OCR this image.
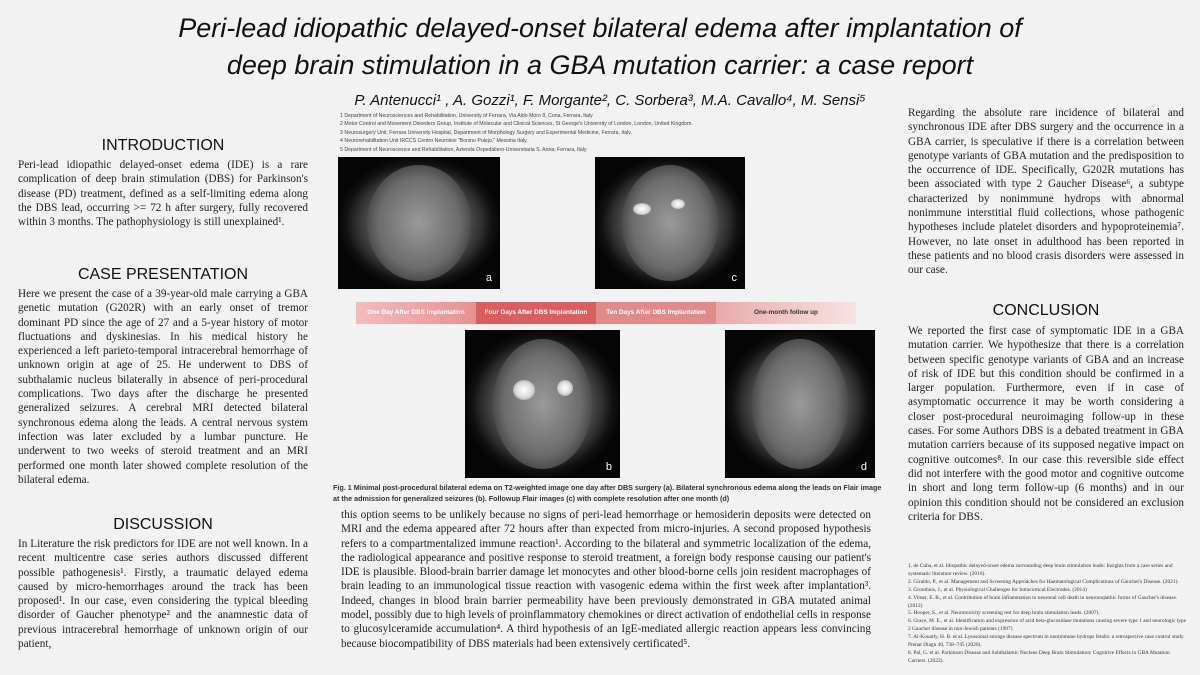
Peri-lead idiopathic delayed-onset bilateral edema after implantation of
deep brain stimulation in a GBA mutation carrier: a case report
P. Antenucci¹ , A. Gozzi¹, F. Morgante², C. Sorbera³, M.A. Cavallo⁴, M. Sensi⁵
1 Department of Neurosciences and Rehabilitation, University of Ferrara, Via Aldo Moro 8, Cona, Ferrara, Italy
2 Motor Control and Movement Disorders Group, Institute of Molecular and Clinical Sciences, St George's University of London, London, United Kingdom.
3 Neurosurgery Unit, Ferrara University Hospital, Department of Morphology Surgery and Experimental Medicine, Ferrara, Italy.
4 Neurorehabilitation Unit IRCCS Centro Neurolesi "Bonino Pulejo," Messina Italy.
5 Department of Neuroscience and Rehabilitation, Azienda Ospedaliero-Universitaria S. Anna, Ferrara, Italy
INTRODUCTION
Peri-lead idiopathic delayed-onset edema (IDE) is a rare complication of deep brain stimulation (DBS) for Parkinson's disease (PD) treatment, defined as a self-limiting edema along the DBS lead, occurring >= 72 h after surgery, fully recovered within 3 months. The pathophysiology is still unexplained¹.
CASE PRESENTATION
Here we present the case of a 39-year-old male carrying a GBA genetic mutation (G202R) with an early onset of tremor dominant PD since the age of 27 and a 5-year history of motor fluctuations and dyskinesias. In his medical history he experienced a left parieto-temporal intracerebral hemorrhage of unknown origin at age of 25. He underwent to DBS of subthalamic nucleus bilaterally in absence of peri-procedural complications. Two days after the discharge he presented generalized seizures. A cerebral MRI detected bilateral synchronous edema along the leads. A central nervous system infection was later excluded by a lumbar puncture. He underwent to two weeks of steroid treatment and an MRI performed one month later showed complete resolution of the bilateral edema.
DISCUSSION
In Literature the risk predictors for IDE are not well known. In a recent multicentre case series authors discussed different possible pathogenesis¹. Firstly, a traumatic delayed edema caused by micro-hemorrhages around the track has been proposed¹. In our case, even considering the typical bleeding disorder of Gaucher phenotype² and the anamnestic data of previous intracerebral hemorrhage of unknown origin of our patient,
a	c
One Day After DBS Implantation	Four Days After DBS Implantation	Ten Days After DBS Implantation	One-month follow up
b	d
Fig. 1 Minimal post-procedural bilateral edema on T2-weighted image one day after DBS surgery (a). Bilateral synchronous edema along the leads on Flair image at the admission for generalized seizures (b). Followup Flair images (c) with complete resolution after one month (d)
this option seems to be unlikely because no signs of peri-lead hemorrhage or hemosiderin deposits were detected on MRI and the edema appeared after 72 hours after than expected from micro-injuries. A second proposed hypothesis refers to a compartmentalized immune reaction¹. According to the bilateral and symmetric localization of the edema, the radiological appearance and positive response to steroid treatment, a foreign body response causing our patient's IDE is plausible. Blood-brain barrier damage let monocytes and other blood-borne cells join resident macrophages of brain leading to an immunological tissue reaction with vasogenic edema within the first week after implantation³. Indeed, changes in blood brain barrier permeability have been previously demonstrated in GBA mutated animal model, possibly due to high levels of proinflammatory chemokines or direct activation of endothelial cells in response to glucosylceramide accumulation⁴. A third hypothesis of an IgE-mediated allergic reaction appears less convincing because biocompatibility of DBS materials had been extensively certificated⁵.
Regarding the absolute rare incidence of bilateral and synchronous IDE after DBS surgery and the occurrence in a GBA carrier, is speculative if there is a correlation between genotype variants of GBA mutation and the predisposition to the occurrence of IDE. Specifically, G202R mutations has been associated with type 2 Gaucher Disease⁶, a subtype characterized by nonimmune hydrops with abnormal nonimmune interstitial fluid collections, whose pathogenic hypotheses include platelet disorders and hypoproteinemia⁷. However, no late onset in adulthood has been reported in these patients and no blood crasis disorders were assessed in our case.
CONCLUSION
We reported the first case of symptomatic IDE in a GBA mutation carrier. We hypothesize that there is a correlation between specific genotype variants of GBA and an increase of risk of IDE but this condition should be confirmed in a larger population. Furthermore, even if in case of asymptomatic occurrence it may be worth considering a closer post-procedural neuroimaging follow-up in these cases. For some Authors DBS is a debated treatment in GBA mutation carriers because of its supposed negative impact on cognitive outcomes⁸. In our case this reversible side effect did not interfere with the good motor and cognitive outcome in short and long term follow-up (6 months) and in our opinion this condition should not be considered an exclusion criteria for DBS.
1. de Cuba, et al. Idiopathic delayed-onset edema surrounding deep brain stimulation leads: Insights from a case series and systematic literature review. (2016).
2. Giraldo, P., et al. Management and Screening Approaches for Haematological Complications of Gaucher's Disease. (2021).
3. Groothuis, J., et al. Physiological Challenges for Intracortical Electrodes. (2014)
4. Vitner, E. B., et al. Contribution of brain inflammation to neuronal cell death in neuronopathic forms of Gaucher's disease. (2012)
5. Hooper, S., et al. Neurotoxicity screening test for deep brain stimulation leads. (2007).
6. Grace, M. E., et al. Identification and expression of acid beta-glucosidase mutations causing severe type 1 and neurologic type 2 Gaucher disease in non-Jewish patients (1997)
7. Al-Kouatly, H. B. et al. Lysosomal storage disease spectrum in nonimmune hydrops fetalis: a retrospective case control study. Prenat Diagn 40, 738–745 (2020).
8. Pal, G. et al. Parkinson Disease and Subthalamic Nucleus Deep Brain Stimulation: Cognitive Effects in GBA Mutation Carriers. (2022).
